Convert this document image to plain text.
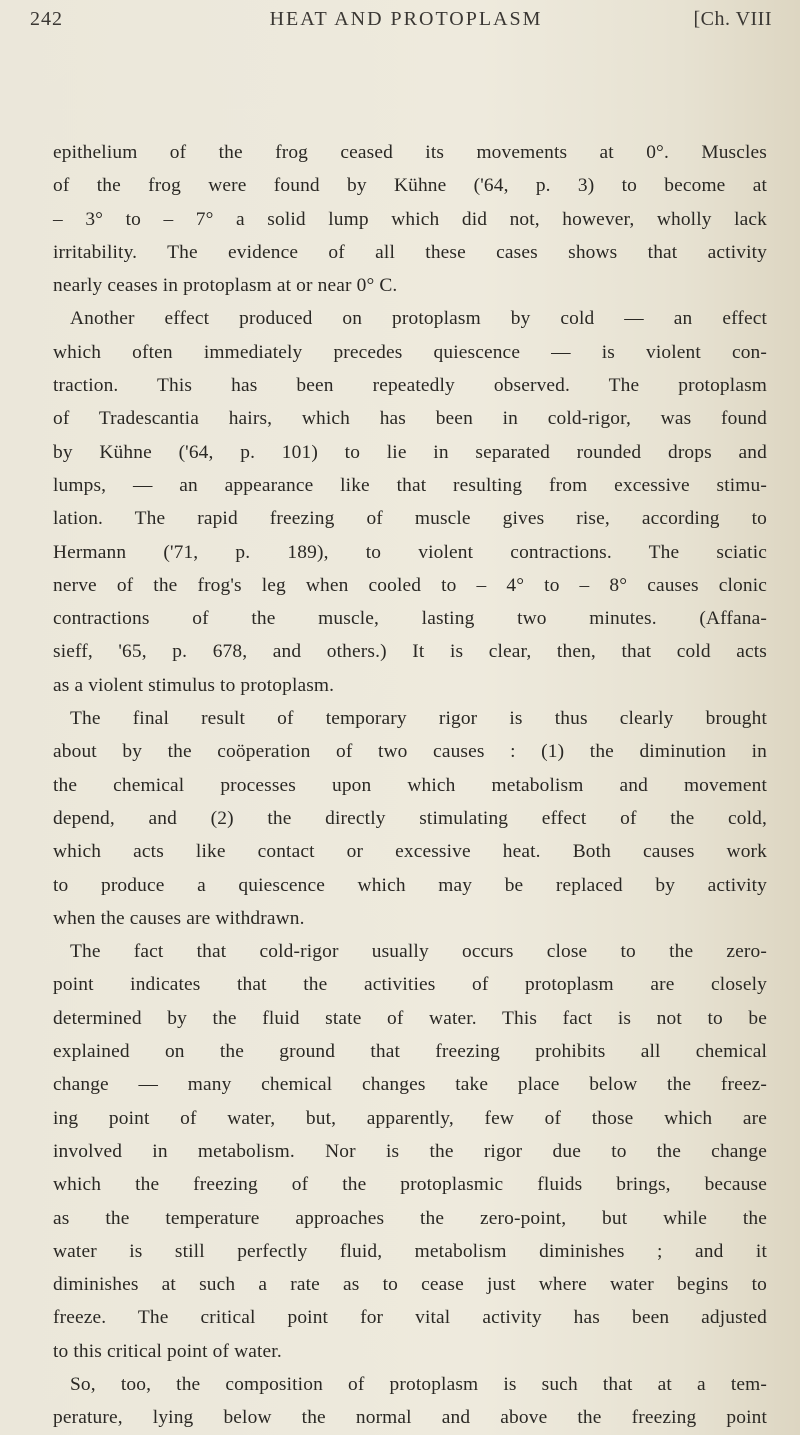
242	HEAT AND PROTOPLASM	[Ch. VIII
epithelium of the frog ceased its movements at 0°. Muscles
of the frog were found by Kühne ('64, p. 3) to become at
– 3° to – 7° a solid lump which did not, however, wholly lack
irritability. The evidence of all these cases shows that activity
nearly ceases in protoplasm at or near 0° C.
Another effect produced on protoplasm by cold — an effect
which often immediately precedes quiescence — is violent con-
traction. This has been repeatedly observed. The protoplasm
of Tradescantia hairs, which has been in cold-rigor, was found
by Kühne ('64, p. 101) to lie in separated rounded drops and
lumps, — an appearance like that resulting from excessive stimu-
lation. The rapid freezing of muscle gives rise, according to
Hermann ('71, p. 189), to violent contractions. The sciatic
nerve of the frog's leg when cooled to – 4° to – 8° causes clonic
contractions of the muscle, lasting two minutes. (Affana-
sieff, '65, p. 678, and others.) It is clear, then, that cold acts
as a violent stimulus to protoplasm.
The final result of temporary rigor is thus clearly brought
about by the coöperation of two causes : (1) the diminution in
the chemical processes upon which metabolism and movement
depend, and (2) the directly stimulating effect of the cold,
which acts like contact or excessive heat. Both causes work
to produce a quiescence which may be replaced by activity
when the causes are withdrawn.
The fact that cold-rigor usually occurs close to the zero-
point indicates that the activities of protoplasm are closely
determined by the fluid state of water. This fact is not to be
explained on the ground that freezing prohibits all chemical
change — many chemical changes take place below the freez-
ing point of water, but, apparently, few of those which are
involved in metabolism. Nor is the rigor due to the change
which the freezing of the protoplasmic fluids brings, because
as the temperature approaches the zero-point, but while the
water is still perfectly fluid, metabolism diminishes ; and it
diminishes at such a rate as to cease just where water begins to
freeze. The critical point for vital activity has been adjusted
to this critical point of water.
So, too, the composition of protoplasm is such that at a tem-
perature, lying below the normal and above the freezing point
